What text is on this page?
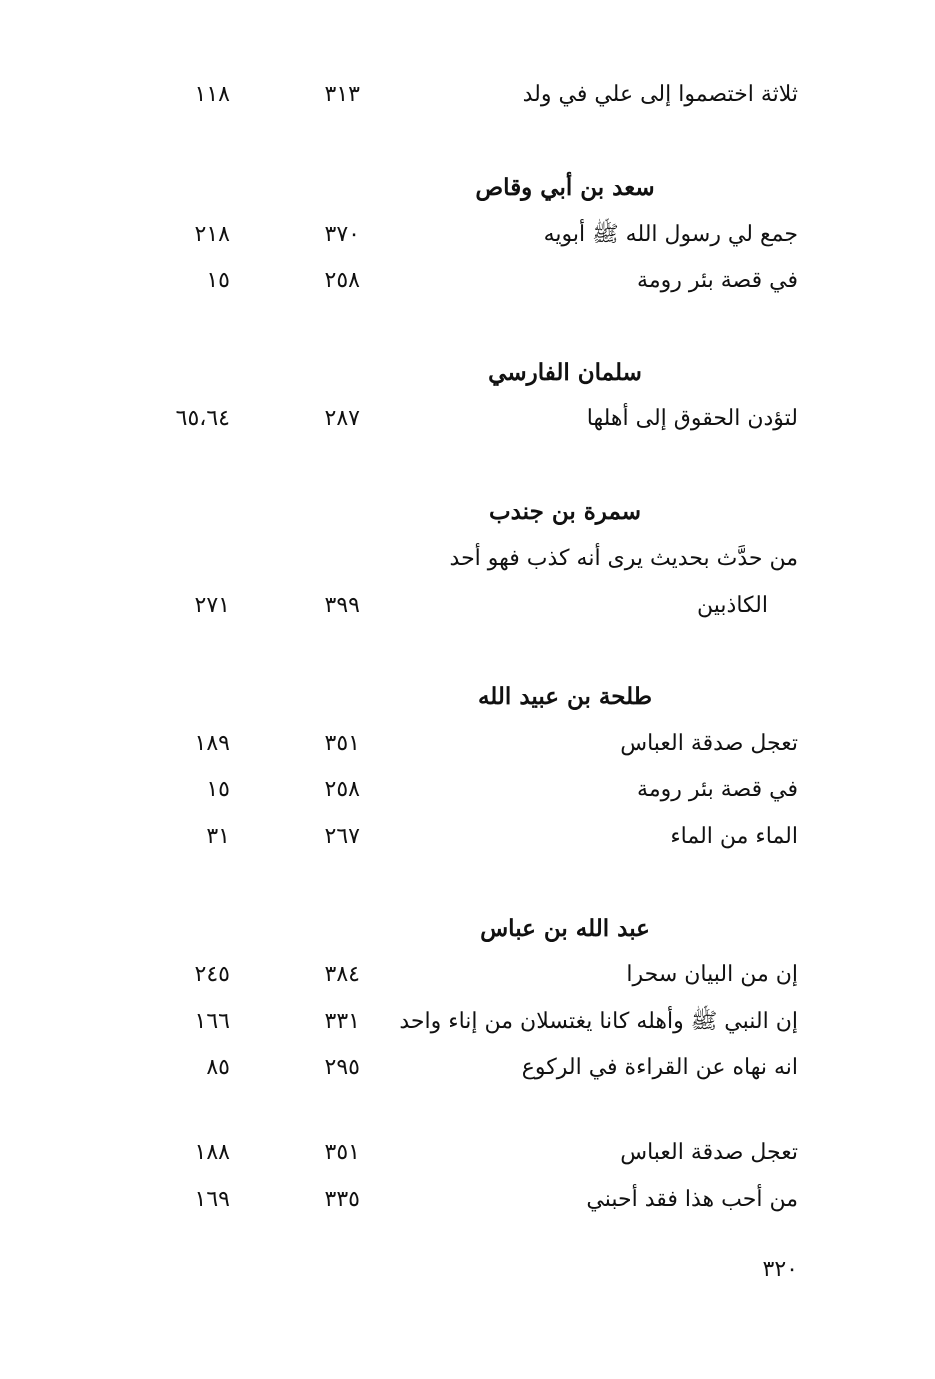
ثلاثة اختصموا إلى علي في ولد
٣١٣
١١٨
سعد بن أبي وقاص
جمع لي رسول الله ﷺ أبويه
٣٧٠
٢١٨
في قصة بئر رومة
٢٥٨
١٥
سلمان الفارسي
لتؤدن الحقوق إلى أهلها
٢٨٧
٦٥،٦٤
سمرة بن جندب
من حدَّث بحديث يرى أنه كذب فهو أحد
الكاذبين
٣٩٩
٢٧١
طلحة بن عبيد الله
تعجل صدقة العباس
٣٥١
١٨٩
في قصة بئر رومة
٢٥٨
١٥
الماء من الماء
٢٦٧
٣١
عبد الله بن عباس
إن من البيان سحرا
٣٨٤
٢٤٥
إن النبي ﷺ وأهله كانا يغتسلان من إناء واحد
٣٣١
١٦٦
انه نهاه عن القراءة في الركوع
٢٩٥
٨٥
تعجل صدقة العباس
٣٥١
١٨٨
من أحب هذا فقد أحبني
٣٣٥
١٦٩
٣٢٠
